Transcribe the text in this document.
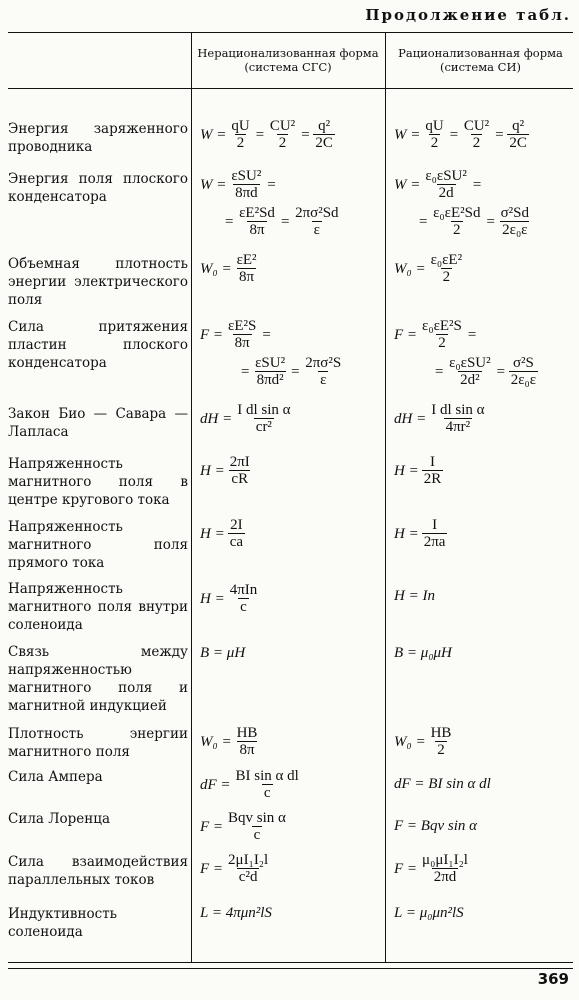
Продолжение табл.
Нерационализованная форма (система СГС)
Рационализованная форма (система СИ)
Энергия заряженного проводника
Энергия поля плоского конденсатора
Объемная плотность энергии электрического поля
Сила притяжения пластин плоского конденсатора
Закон Био — Савара — Лапласа
Напряженность магнитного поля в центре кругового тока
Напряженность магнитного поля прямого тока
Напряженность магнитного поля внутри соленоида
Связь между напряженностью магнитного поля и магнитной индукцией
Плотность энергии магнитного поля
Сила Ампера
Сила Лоренца
Сила взаимодействия параллельных токов
Индуктивность соленоида
$W = \frac{qU}{2} = \frac{\text{CU²}}{2} = \frac{\text{q²}}{2C}$
W =
εSU²
8πd
=
= $\frac{\text{εE²Sd}}{8\pi} = \frac{\text{2πσ²Sd}}{\varepsilon}$
$W_0 = \frac{\text{εE²}}{8\pi}$
$F = \frac{\text{εE²S}}{8\pi}$ =
=
εSU²
8πd²
= $\frac{\text{2πσ²S}}{\varepsilon}$
dH = $\frac{\text{I dl sin α}}{\text{cr²}}$
$H = \frac{2\pi I}{cR}$
$H = \frac{2I}{ca}$
H =
4πIn
c
B = μH
$W_0 = \frac{HB}{8\pi}$
dF = $\frac{\text{BI sin α dl}}{c}$
F =
Bqv sin α
c
$F = \frac{\text{2μI₁I₂l}}{\text{c²d}}$
L = 4πμn²lS
$W = \frac{qU}{2} = \frac{\text{CU²}}{2} = \frac{\text{q²}}{2C}$
W =
ε₀εSU²
2d
=
= $\frac{\text{ε₀εE²Sd}}{2} = \frac{\text{σ²Sd}}{\text{2ε₀ε}}$
$W_0 = \frac{\text{ε₀εE²}}{2}$
$F = \frac{\text{ε₀εE²S}}{2}$ =
=
ε₀εSU²
2d²
= $\frac{\text{σ²S}}{\text{2ε₀ε}}$
dH = $\frac{\text{I dl sin α}}{\text{4πr²}}$
$H = \frac{I}{2R}$
$H = \frac{I}{2\pi a}$
H = In
B = μ₀μH
$W_0 = \frac{HB}{2}$
dF = BI sin α dl
F = Bqv sin α
$F = \frac{\text{μ₀μI₁I₂l}}{2\pi d}$
L = μ₀μn²lS
369
